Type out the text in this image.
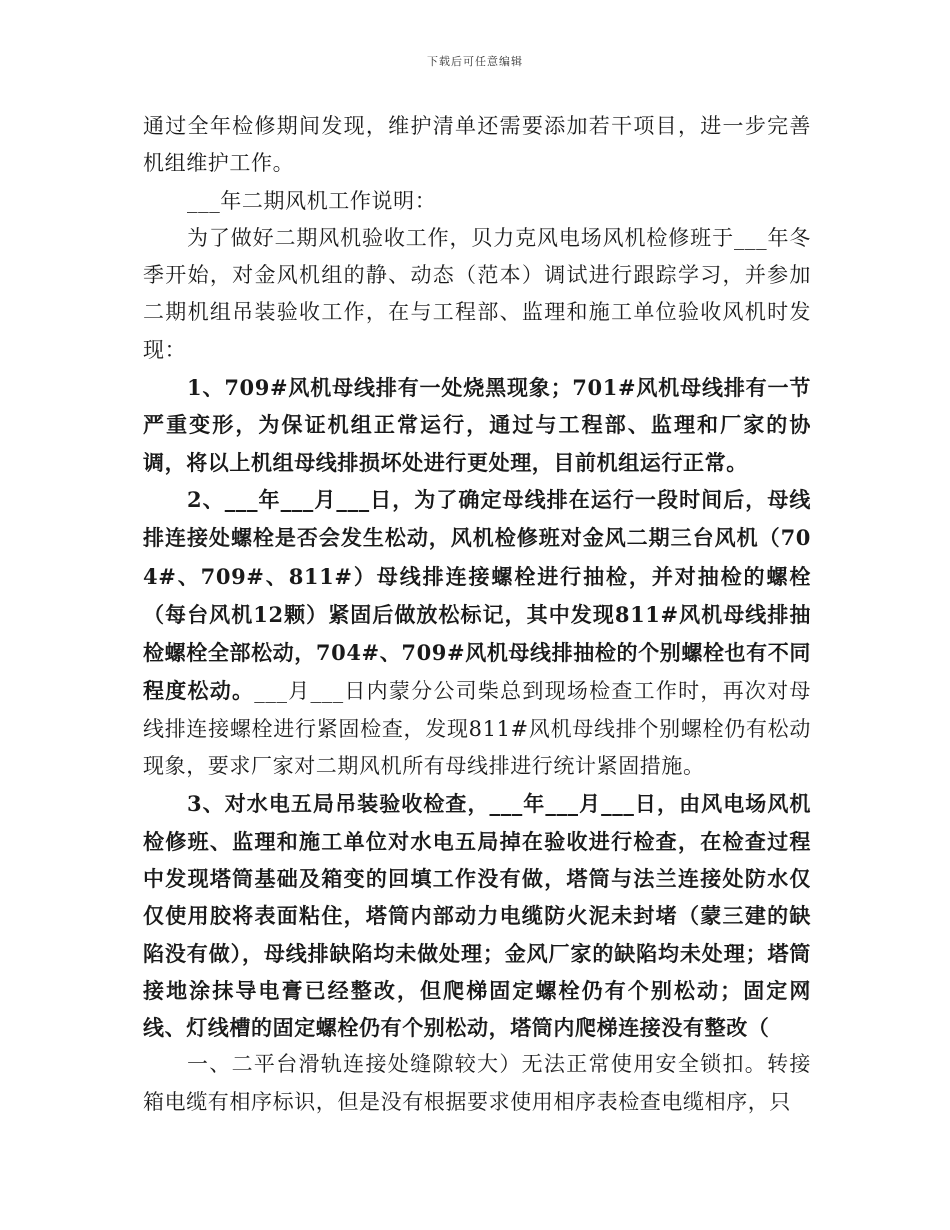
下载后可任意编辑

通过全年检修期间发现，维护清单还需要添加若干项目，进一步完善机组维护工作。

___年二期风机工作说明：

为了做好二期风机验收工作，贝力克风电场风机检修班于___年冬季开始，对金风机组的静、动态（范本）调试进行跟踪学习，并参加二期机组吊装验收工作，在与工程部、监理和施工单位验收风机时发现：

1、709#风机母线排有一处烧黑现象；701#风机母线排有一节严重变形，为保证机组正常运行，通过与工程部、监理和厂家的协调，将以上机组母线排损坏处进行更处理，目前机组运行正常。

2、___年___月___日，为了确定母线排在运行一段时间后，母线排连接处螺栓是否会发生松动，风机检修班对金风二期三台风机（704#、709#、811#）母线排连接螺栓进行抽检，并对抽检的螺栓（每台风机12颗）紧固后做放松标记，其中发现811#风机母线排抽检螺栓全部松动，704#、709#风机母线排抽检的个别螺栓也有不同程度松动。___月___日内蒙分公司柴总到现场检查工作时，再次对母线排连接螺栓进行紧固检查，发现811#风机母线排个别螺栓仍有松动现象，要求厂家对二期风机所有母线排进行统计紧固措施。

3、对水电五局吊装验收检查，___年___月___日，由风电场风机检修班、监理和施工单位对水电五局掉在验收进行检查，在检查过程中发现塔筒基础及箱变的回填工作没有做，塔筒与法兰连接处防水仅仅使用胶将表面粘住，塔筒内部动力电缆防火泥未封堵（蒙三建的缺陷没有做），母线排缺陷均未做处理；金风厂家的缺陷均未处理；塔筒接地涂抹导电膏已经整改，但爬梯固定螺栓仍有个别松动；固定网线、灯线槽的固定螺栓仍有个别松动，塔筒内爬梯连接没有整改（

一、二平台滑轨连接处缝隙较大）无法正常使用安全锁扣。转接箱电缆有相序标识，但是没有根据要求使用相序表检查电缆相序，只
